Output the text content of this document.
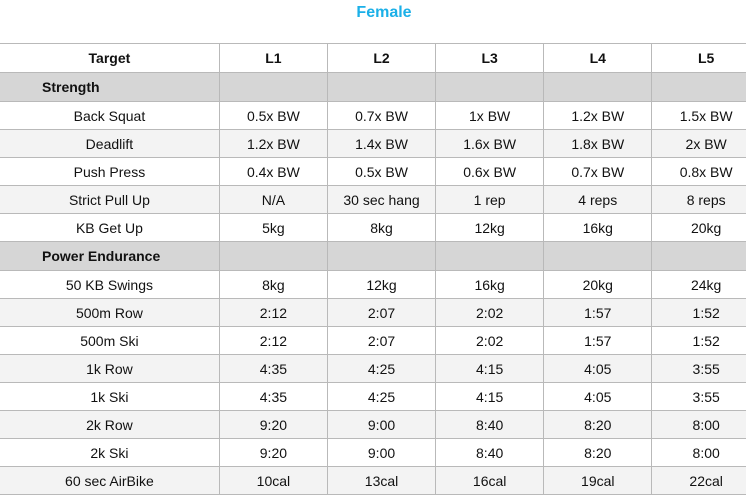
Female
Target	L1	L2	L3	L4	L5
Strength					
Back Squat	0.5x BW	0.7x BW	1x BW	1.2x BW	1.5x BW
Deadlift	1.2x BW	1.4x BW	1.6x BW	1.8x BW	2x BW
Push Press	0.4x BW	0.5x BW	0.6x BW	0.7x BW	0.8x BW
Strict Pull Up	N/A	30 sec hang	1 rep	4 reps	8 reps
KB Get Up	5kg	8kg	12kg	16kg	20kg
Power Endurance					
50 KB Swings	8kg	12kg	16kg	20kg	24kg
500m Row	2:12	2:07	2:02	1:57	1:52
500m Ski	2:12	2:07	2:02	1:57	1:52
1k Row	4:35	4:25	4:15	4:05	3:55
1k Ski	4:35	4:25	4:15	4:05	3:55
2k Row	9:20	9:00	8:40	8:20	8:00
2k Ski	9:20	9:00	8:40	8:20	8:00
60 sec AirBike	10cal	13cal	16cal	19cal	22cal
